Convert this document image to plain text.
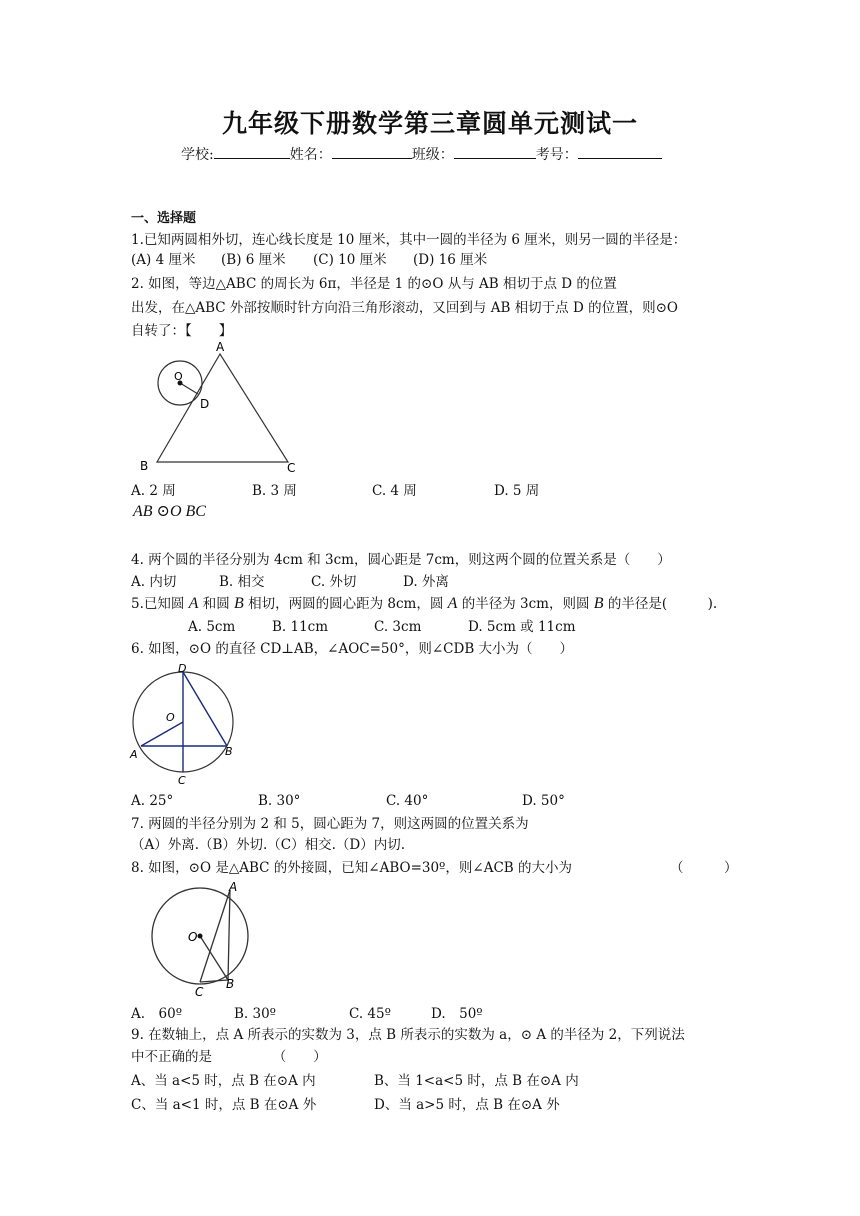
九年级下册数学第三章圆单元测试一
学校:	姓名：	班级：	考号：
一、选择题
1.已知两圆相外切，连心线长度是 10 厘米，其中一圆的半径为 6 厘米，则另一圆的半径是：
(A) 4 厘米 (B) 6 厘米 (C) 10 厘米 (D) 16 厘米
2. 如图，等边△ABC 的周长为 6π，半径是 1 的⊙O 从与 AB 相切于点 D 的位置
出发，在△ABC 外部按顺时针方向沿三角形滚动，又回到与 AB 相切于点 D 的位置，则⊙O
自转了：【　　】
A
O
D
B	C
A. 2 周	B. 3 周	C. 4 周	D. 5 周
AB ⊙O BC
4. 两个圆的半径分别为 4cm 和 3cm，圆心距是 7cm，则这两个圆的位置关系是（　　）
A. 内切	B. 相交	C. 外切	D. 外离
5.已知圆 A 和圆 B 相切，两圆的圆心距为 8cm，圆 A 的半径为 3cm，则圆 B 的半径是(　　　).
A. 5cm	B. 11cm	C. 3cm	D. 5cm 或 11cm
6. 如图，⊙O 的直径 CD⊥AB，∠AOC=50°，则∠CDB 大小为（　　）
D
O
A	B
C
A. 25°	B. 30°	C. 40°	D. 50°
7. 两圆的半径分别为 2 和 5，圆心距为 7，则这两圆的位置关系为
（A）外离.（B）外切.（C）相交.（D）内切.
8. 如图，⊙O 是△ABC 的外接圆，已知∠ABO=30º，则∠ACB 的大小为	（　　　）
A
O
B
C
A.　60º	B. 30º	C. 45º	D.　50º
9. 在数轴上，点 A 所表示的实数为 3，点 B 所表示的实数为 a，⊙ A 的半径为 2，下列说法
中不正确的是　　　　　（　　）
A、当 a<5 时，点 B 在⊙A 内	B、当 1<a<5 时，点 B 在⊙A 内
C、当 a<1 时，点 B 在⊙A 外	D、当 a>5 时，点 B 在⊙A 外
